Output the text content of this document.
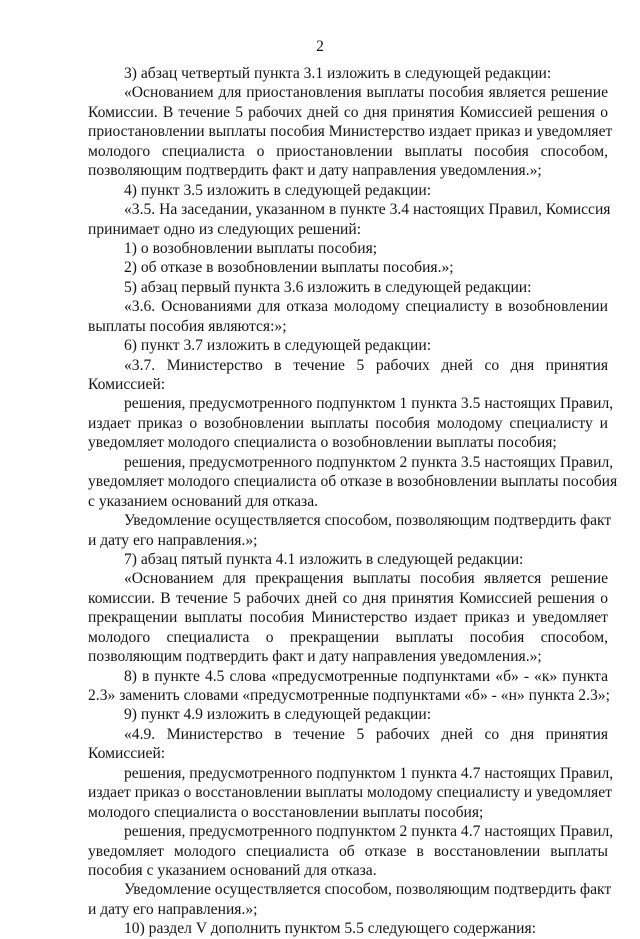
2
3) абзац четвертый пункта 3.1 изложить в следующей редакции:
«Основанием для приостановления выплаты пособия является решение
Комиссии. В течение 5 рабочих дней со дня принятия Комиссией решения о
приостановлении выплаты пособия Министерство издает приказ и уведомляет
молодого специалиста о приостановлении выплаты пособия способом,
позволяющим подтвердить факт и дату направления уведомления.»;
4) пункт 3.5 изложить в следующей редакции:
«3.5. На заседании, указанном в пункте 3.4 настоящих Правил, Комиссия
принимает одно из следующих решений:
1) о возобновлении выплаты пособия;
2) об отказе в возобновлении выплаты пособия.»;
5) абзац первый пункта 3.6 изложить в следующей редакции:
«3.6. Основаниями для отказа молодому специалисту в возобновлении
выплаты пособия являются:»;
6) пункт 3.7 изложить в следующей редакции:
«3.7. Министерство в течение 5 рабочих дней со дня принятия
Комиссией:
решения, предусмотренного подпунктом 1 пункта 3.5 настоящих Правил,
издает приказ о возобновлении выплаты пособия молодому специалисту и
уведомляет молодого специалиста о возобновлении выплаты пособия;
решения, предусмотренного подпунктом 2 пункта 3.5 настоящих Правил,
уведомляет молодого специалиста об отказе в возобновлении выплаты пособия
с указанием оснований для отказа.
Уведомление осуществляется способом, позволяющим подтвердить факт
и дату его направления.»;
7) абзац пятый пункта 4.1 изложить в следующей редакции:
«Основанием для прекращения выплаты пособия является решение
комиссии. В течение 5 рабочих дней со дня принятия Комиссией решения о
прекращении выплаты пособия Министерство издает приказ и уведомляет
молодого специалиста о прекращении выплаты пособия способом,
позволяющим подтвердить факт и дату направления уведомления.»;
8) в пункте 4.5 слова «предусмотренные подпунктами «б» - «к» пункта
2.3» заменить словами «предусмотренные подпунктами «б» - «н» пункта 2.3»;
9) пункт 4.9 изложить в следующей редакции:
«4.9. Министерство в течение 5 рабочих дней со дня принятия
Комиссией:
решения, предусмотренного подпунктом 1 пункта 4.7 настоящих Правил,
издает приказ о восстановлении выплаты молодому специалисту и уведомляет
молодого специалиста о восстановлении выплаты пособия;
решения, предусмотренного подпунктом 2 пункта 4.7 настоящих Правил,
уведомляет молодого специалиста об отказе в восстановлении выплаты
пособия с указанием оснований для отказа.
Уведомление осуществляется способом, позволяющим подтвердить факт
и дату его направления.»;
10) раздел V дополнить пунктом 5.5 следующего содержания:
